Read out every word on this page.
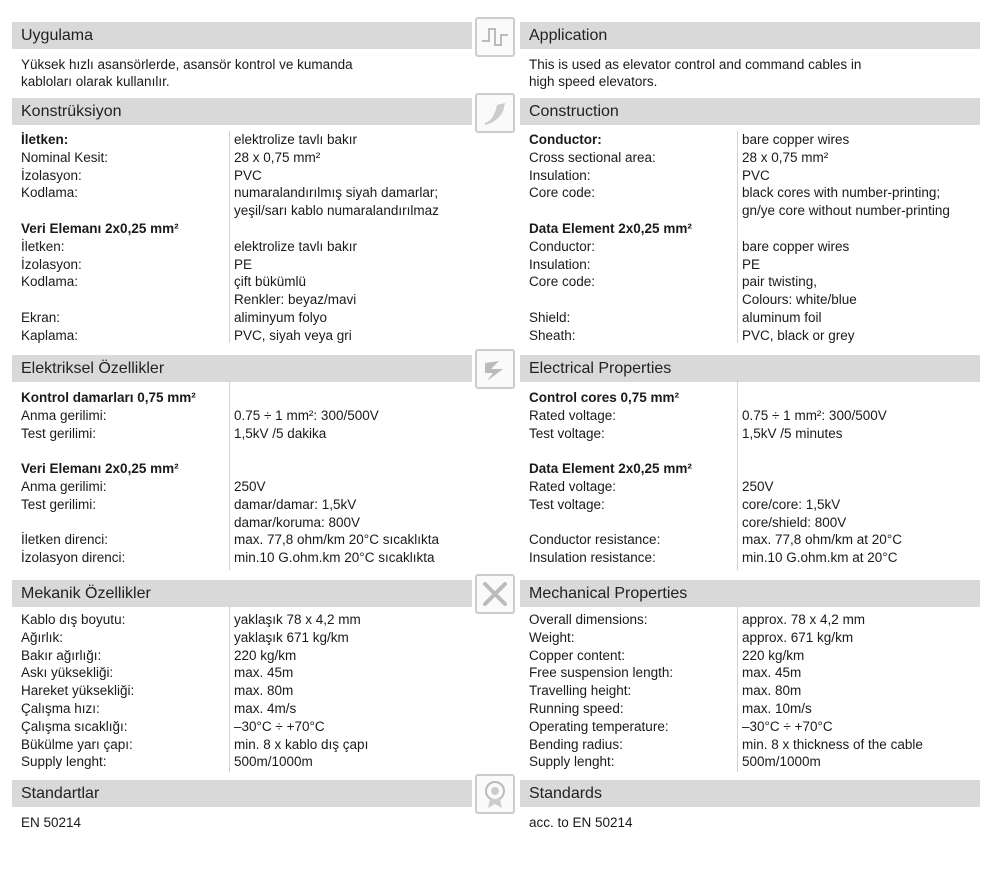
Uygulama
Yüksek hızlı asansörlerde, asansör kontrol ve kumanda
kabloları olarak kullanılır.
Konstrüksiyon
İletken:	elektrolize tavlı bakır
Nominal Kesit:	28 x 0,75 mm²
İzolasyon:	PVC
Kodlama:	numaralandırılmış siyah damarlar;
yeşil/sarı kablo numaralandırılmaz
Veri Elemanı 2x0,25 mm²
İletken:	elektrolize tavlı bakır
İzolasyon:	PE
Kodlama:	çift bükümlü
Renkler: beyaz/mavi
Ekran:	aliminyum folyo
Kaplama:	PVC, siyah veya gri
Elektriksel Özellikler
Kontrol damarları 0,75 mm²
Anma gerilimi:	0.75 ÷ 1 mm²: 300/500V
Test gerilimi:	1,5kV /5 dakika
Veri Elemanı 2x0,25 mm²
Anma gerilimi:	250V
Test gerilimi:	damar/damar: 1,5kV
damar/koruma: 800V
İletken direnci:	max. 77,8 ohm/km 20°C sıcaklıkta
İzolasyon direnci:	min.10 G.ohm.km 20°C sıcaklıkta
Mekanik Özellikler
Kablo dış boyutu:	yaklaşık 78 x 4,2 mm
Ağırlık:	yaklaşık 671 kg/km
Bakır ağırlığı:	220 kg/km
Askı yüksekliği:	max. 45m
Hareket yüksekliği:	max. 80m
Çalışma hızı:	max. 4m/s
Çalışma sıcaklığı:	–30°C ÷ +70°C
Bükülme yarı çapı:	min. 8 x kablo dış çapı
Supply lenght:	500m/1000m
Standartlar
EN 50214
Application
This is used as elevator control and command cables in
high speed elevators.
Construction
Conductor:	bare copper wires
Cross sectional area:	28 x 0,75 mm²
Insulation:	PVC
Core code:	black cores with number-printing;
gn/ye core without number-printing
Data Element 2x0,25 mm²
Conductor:	bare copper wires
Insulation:	PE
Core code:	pair twisting,
Colours: white/blue
Shield:	aluminum foil
Sheath:	PVC, black or grey
Electrical Properties
Control cores 0,75 mm²
Rated voltage:	0.75 ÷ 1 mm²: 300/500V
Test voltage:	1,5kV /5 minutes
Data Element 2x0,25 mm²
Rated voltage:	250V
Test voltage:	core/core: 1,5kV
core/shield: 800V
Conductor resistance:	max. 77,8 ohm/km at 20°C
Insulation resistance:	min.10 G.ohm.km at 20°C
Mechanical Properties
Overall dimensions:	approx. 78 x 4,2 mm
Weight:	approx. 671 kg/km
Copper content:	220 kg/km
Free suspension length:	max. 45m
Travelling height:	max. 80m
Running speed:	max. 10m/s
Operating temperature:	–30°C ÷ +70°C
Bending radius:	min. 8 x thickness of the cable
Supply lenght:	500m/1000m
Standards
acc. to EN 50214
